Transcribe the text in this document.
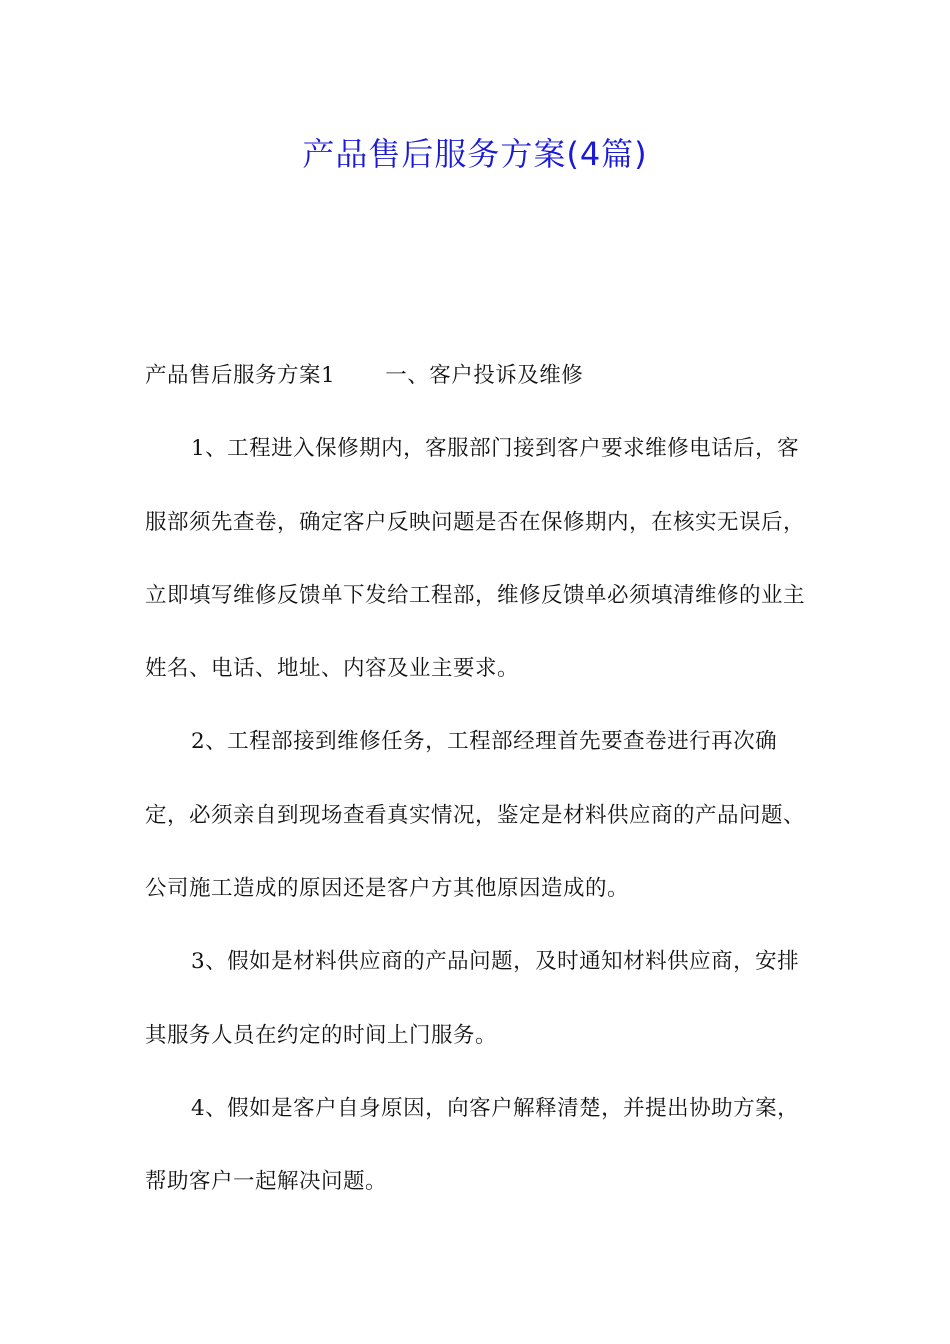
产品售后服务方案(4篇)

产品售后服务方案1 一、客户投诉及维修

1、工程进入保修期内，客服部门接到客户要求维修电话后，客服部须先查卷，确定客户反映问题是否在保修期内，在核实无误后，立即填写维修反馈单下发给工程部，维修反馈单必须填清维修的业主姓名、电话、地址、内容及业主要求。

2、工程部接到维修任务，工程部经理首先要查卷进行再次确定，必须亲自到现场查看真实情况，鉴定是材料供应商的产品问题、公司施工造成的原因还是客户方其他原因造成的。

3、假如是材料供应商的产品问题，及时通知材料供应商，安排其服务人员在约定的时间上门服务。

4、假如是客户自身原因，向客户解释清楚，并提出协助方案，帮助客户一起解决问题。
